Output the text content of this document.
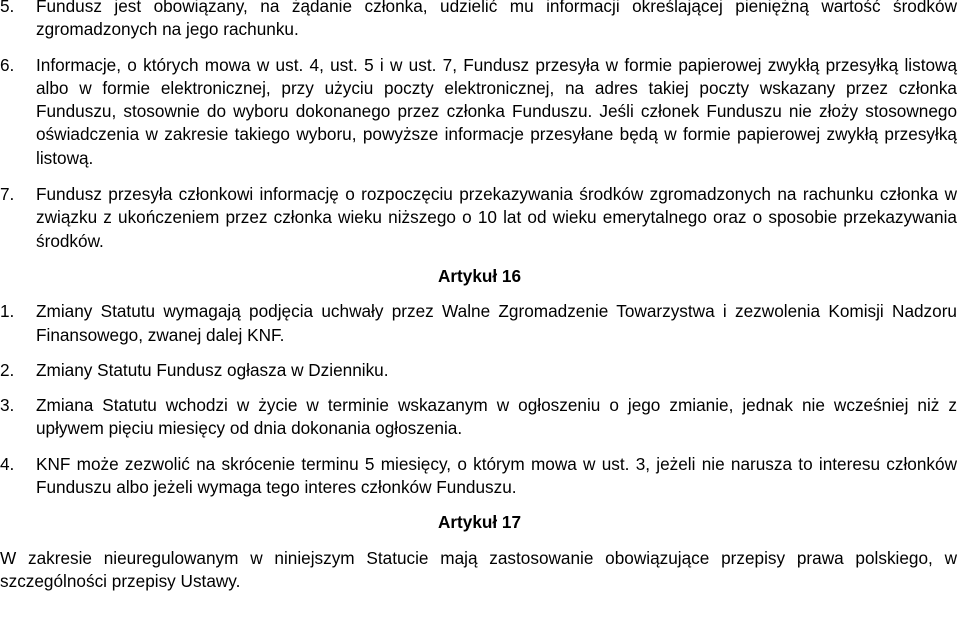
5. Fundusz jest obowiązany, na żądanie członka, udzielić mu informacji określającej pieniężną wartość środków zgromadzonych na jego rachunku.
6. Informacje, o których mowa w ust. 4, ust. 5 i w ust. 7, Fundusz przesyła w formie papierowej zwykłą przesyłką listową albo w formie elektronicznej, przy użyciu poczty elektronicznej, na adres takiej poczty wskazany przez członka Funduszu, stosownie do wyboru dokonanego przez członka Funduszu. Jeśli członek Funduszu nie złoży stosownego oświadczenia w zakresie takiego wyboru, powyższe informacje przesyłane będą w formie papierowej zwykłą przesyłką listową.
7. Fundusz przesyła członkowi informację o rozpoczęciu przekazywania środków zgromadzonych na rachunku członka w związku z ukończeniem przez członka wieku niższego o 10 lat od wieku emerytalnego oraz o sposobie przekazywania środków.
Artykuł 16
1. Zmiany Statutu wymagają podjęcia uchwały przez Walne Zgromadzenie Towarzystwa i zezwolenia Komisji Nadzoru Finansowego, zwanej dalej KNF.
2. Zmiany Statutu Fundusz ogłasza w Dzienniku.
3. Zmiana Statutu wchodzi w życie w terminie wskazanym w ogłoszeniu o jego zmianie, jednak nie wcześniej niż z upływem pięciu miesięcy od dnia dokonania ogłoszenia.
4. KNF może zezwolić na skrócenie terminu 5 miesięcy, o którym mowa w ust. 3, jeżeli nie narusza to interesu członków Funduszu albo jeżeli wymaga tego interes członków Funduszu.
Artykuł 17

W zakresie nieuregulowanym w niniejszym Statucie mają zastosowanie obowiązujące przepisy prawa polskiego, w szczególności przepisy Ustawy.
